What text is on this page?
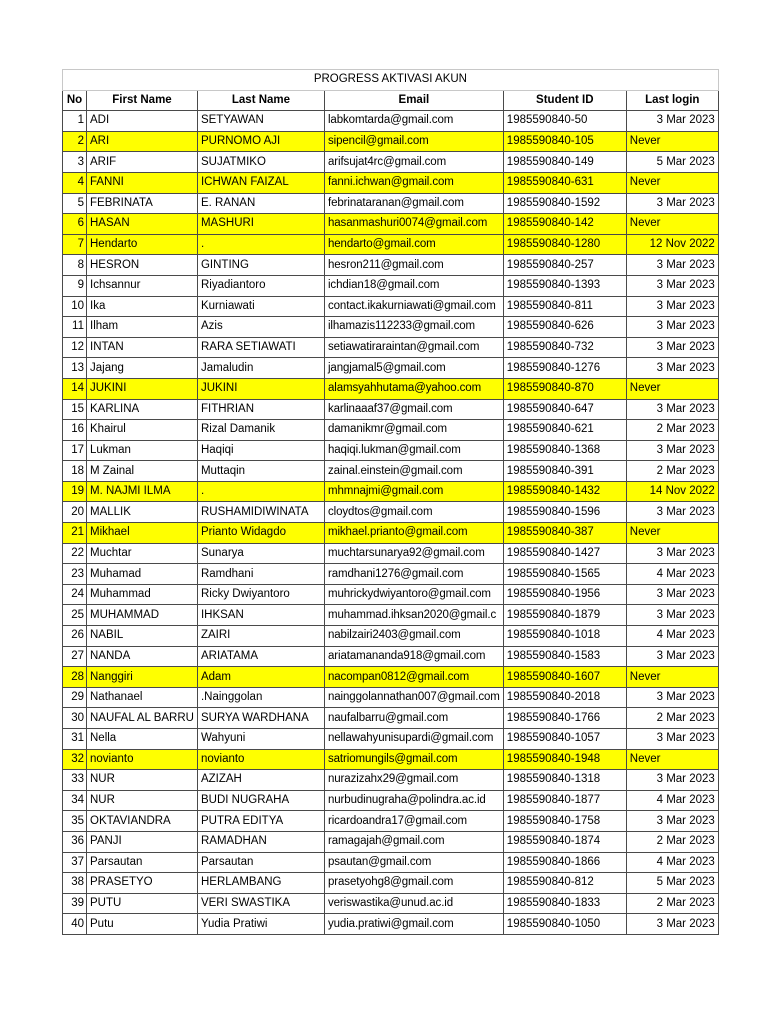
PROGRESS AKTIVASI AKUN					
No	First Name	Last Name	Email	Student ID	Last login
1	ADI	SETYAWAN	labkomtarda@gmail.com	1985590840-50	3 Mar 2023
2	ARI	PURNOMO AJI	sipencil@gmail.com	1985590840-105	Never
3	ARIF	SUJATMIKO	arifsujat4rc@gmail.com	1985590840-149	5 Mar 2023
4	FANNI	ICHWAN FAIZAL	fanni.ichwan@gmail.com	1985590840-631	Never
5	FEBRINATA	E. RANAN	febrinataranan@gmail.com	1985590840-1592	3 Mar 2023
6	HASAN	MASHURI	hasanmashuri0074@gmail.com	1985590840-142	Never
7	Hendarto	.	hendarto@gmail.com	1985590840-1280	12 Nov 2022
8	HESRON	GINTING	hesron211@gmail.com	1985590840-257	3 Mar 2023
9	Ichsannur	Riyadiantoro	ichdian18@gmail.com	1985590840-1393	3 Mar 2023
10	Ika	Kurniawati	contact.ikakurniawati@gmail.com	1985590840-811	3 Mar 2023
11	Ilham	Azis	ilhamazis112233@gmail.com	1985590840-626	3 Mar 2023
12	INTAN	RARA SETIAWATI	setiawatiraraintan@gmail.com	1985590840-732	3 Mar 2023
13	Jajang	Jamaludin	jangjamal5@gmail.com	1985590840-1276	3 Mar 2023
14	JUKINI	JUKINI	alamsyahhutama@yahoo.com	1985590840-870	Never
15	KARLINA	FITHRIAN	karlinaaaf37@gmail.com	1985590840-647	3 Mar 2023
16	Khairul	Rizal Damanik	damanikmr@gmail.com	1985590840-621	2 Mar 2023
17	Lukman	Haqiqi	haqiqi.lukman@gmail.com	1985590840-1368	3 Mar 2023
18	M Zainal	Muttaqin	zainal.einstein@gmail.com	1985590840-391	2 Mar 2023
19	M. NAJMI ILMA	.	mhmnajmi@gmail.com	1985590840-1432	14 Nov 2022
20	MALLIK	RUSHAMIDIWINATA	cloydtos@gmail.com	1985590840-1596	3 Mar 2023
21	Mikhael	Prianto Widagdo	mikhael.prianto@gmail.com	1985590840-387	Never
22	Muchtar	Sunarya	muchtarsunarya92@gmail.com	1985590840-1427	3 Mar 2023
23	Muhamad	Ramdhani	ramdhani1276@gmail.com	1985590840-1565	4 Mar 2023
24	Muhammad	Ricky Dwiyantoro	muhrickydwiyantoro@gmail.com	1985590840-1956	3 Mar 2023
25	MUHAMMAD	IHKSAN	muhammad.ihksan2020@gmail.c	1985590840-1879	3 Mar 2023
26	NABIL	ZAIRI	nabilzairi2403@gmail.com	1985590840-1018	4 Mar 2023
27	NANDA	ARIATAMA	ariatamananda918@gmail.com	1985590840-1583	3 Mar 2023
28	Nanggiri	Adam	nacompan0812@gmail.com	1985590840-1607	Never
29	Nathanael	.Nainggolan	nainggolannathan007@gmail.com	1985590840-2018	3 Mar 2023
30	NAUFAL AL BARRU	SURYA WARDHANA	naufalbarru@gmail.com	1985590840-1766	2 Mar 2023
31	Nella	Wahyuni	nellawahyunisupardi@gmail.com	1985590840-1057	3 Mar 2023
32	novianto	novianto	satriomungils@gmail.com	1985590840-1948	Never
33	NUR	AZIZAH	nurazizahx29@gmail.com	1985590840-1318	3 Mar 2023
34	NUR	BUDI NUGRAHA	nurbudinugraha@polindra.ac.id	1985590840-1877	4 Mar 2023
35	OKTAVIANDRA	PUTRA EDITYA	ricardoandra17@gmail.com	1985590840-1758	3 Mar 2023
36	PANJI	RAMADHAN	ramagajah@gmail.com	1985590840-1874	2 Mar 2023
37	Parsautan	Parsautan	psautan@gmail.com	1985590840-1866	4 Mar 2023
38	PRASETYO	HERLAMBANG	prasetyohg8@gmail.com	1985590840-812	5 Mar 2023
39	PUTU	VERI SWASTIKA	veriswastika@unud.ac.id	1985590840-1833	2 Mar 2023
40	Putu	Yudia Pratiwi	yudia.pratiwi@gmail.com	1985590840-1050	3 Mar 2023
